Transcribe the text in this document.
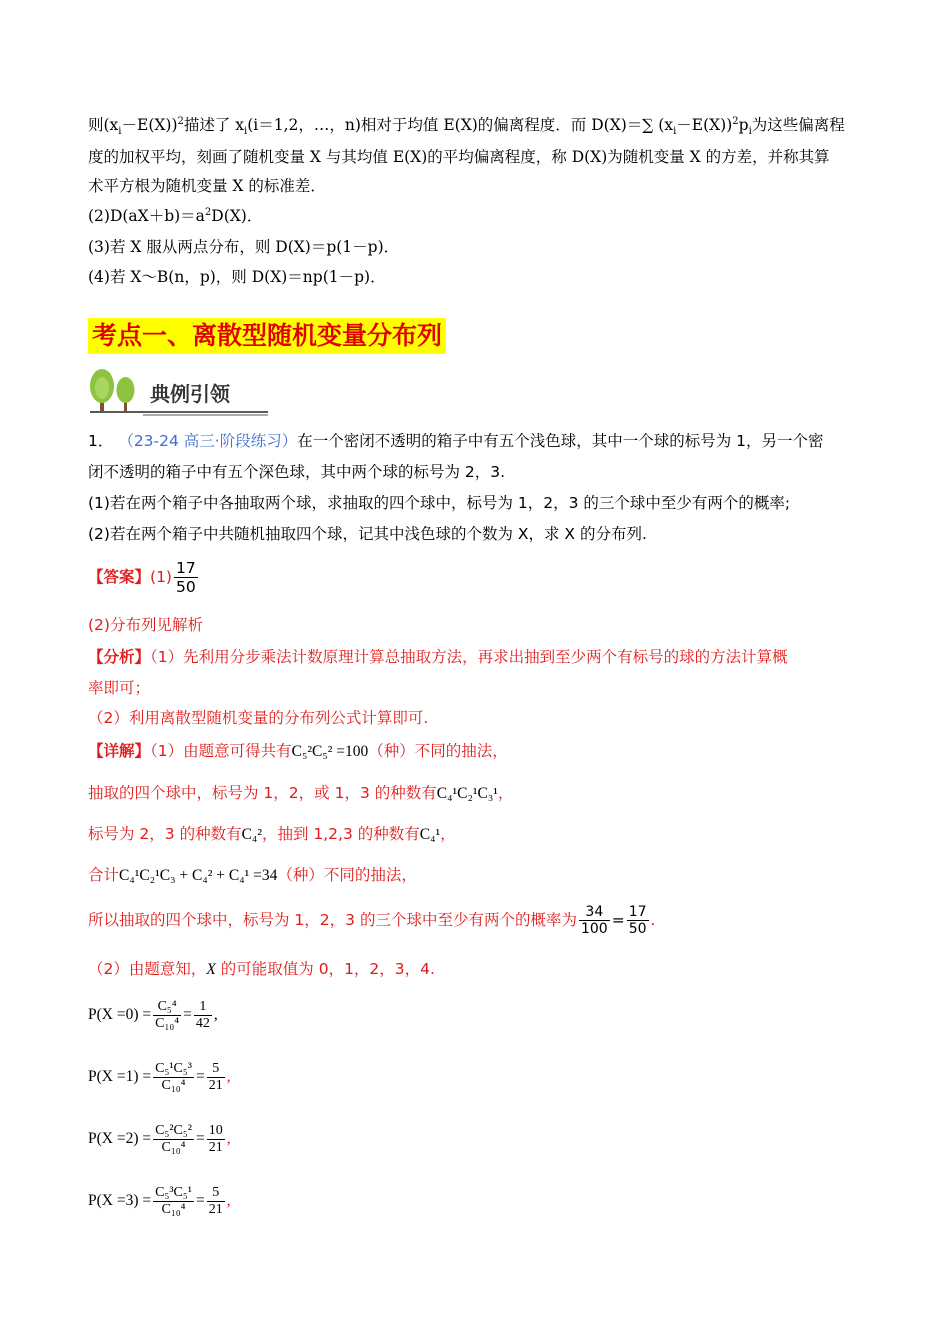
则$(x_i-E(X))^2$描述了 $x_i(i=1,2$，…，n)相对于均值 E(X)的偏离程度．而 D(X)＝∑ $(x_i-E(X))^2p_i$为这些偏离程
度的加权平均，刻画了随机变量 X 与其均值 E(X)的平均偏离程度，称 D(X)为随机变量 X 的方差，并称其算
术平方根为随机变量 X 的标准差．
$(2)D(aX+b)=a^2D(X)$．
(3)若 X 服从两点分布，则 D(X)＝p(1－p)．
(4)若 X～B(n，p)，则 D(X)＝np(1－p)．
考点一、离散型随机变量分布列
典例引领
1． （23-24 高三·阶段练习）在一个密闭不透明的箱子中有五个浅色球，其中一个球的标号为 1，另一个密
闭不透明的箱子中有五个深色球，其中两个球的标号为 2，3.
(1)若在两个箱子中各抽取两个球，求抽取的四个球中，标号为 1，2，3 的三个球中至少有两个的概率;
(2)若在两个箱子中共随机抽取四个球，记其中浅色球的个数为 X，求 X 的分布列.
【答案】$(1) \frac{17}{50}$
(2)分布列见解析
【分析】（1）先利用分步乘法计数原理计算总抽取方法，再求出抽到至少两个有标号的球的方法计算概
率即可；
（2）利用离散型随机变量的分布列公式计算即可.
【详解】（1）由题意可得共有C₅²C₅² =100（种）不同的抽法，
抽取的四个球中，标号为 1，2，或 1，3 的种数有C₄¹C₂¹C₃¹，
标号为 2，3 的种数有C₄²，抽到 1,2,3 的种数有C₄¹，
合计C₄¹C₂¹C₃ + C₄² + C₄¹ =34（种）不同的抽法，
所以抽取的四个球中，标号为 1，2，3 的三个球中至少有两个的概率为 $\frac{34}{100} = \frac{17}{50}$ .
（2）由题意知，X 的可能取值为 0，1，2，3，4.
$P(X =0) = \frac{\text{C₅⁴}}{\text{C₁₀⁴}} = \frac{1}{42}$ ,
$P(X =1) = \frac{\text{C₅¹C₅³}}{\text{C₁₀⁴}} = \frac{5}{21}$ ,
$P(X =2) = \frac{\text{C₅²C₅²}}{\text{C₁₀⁴}} = \frac{10}{21}$ ,
$P(X =3) = \frac{\text{C₅³C₅¹}}{\text{C₁₀⁴}} = \frac{5}{21}$ ,
